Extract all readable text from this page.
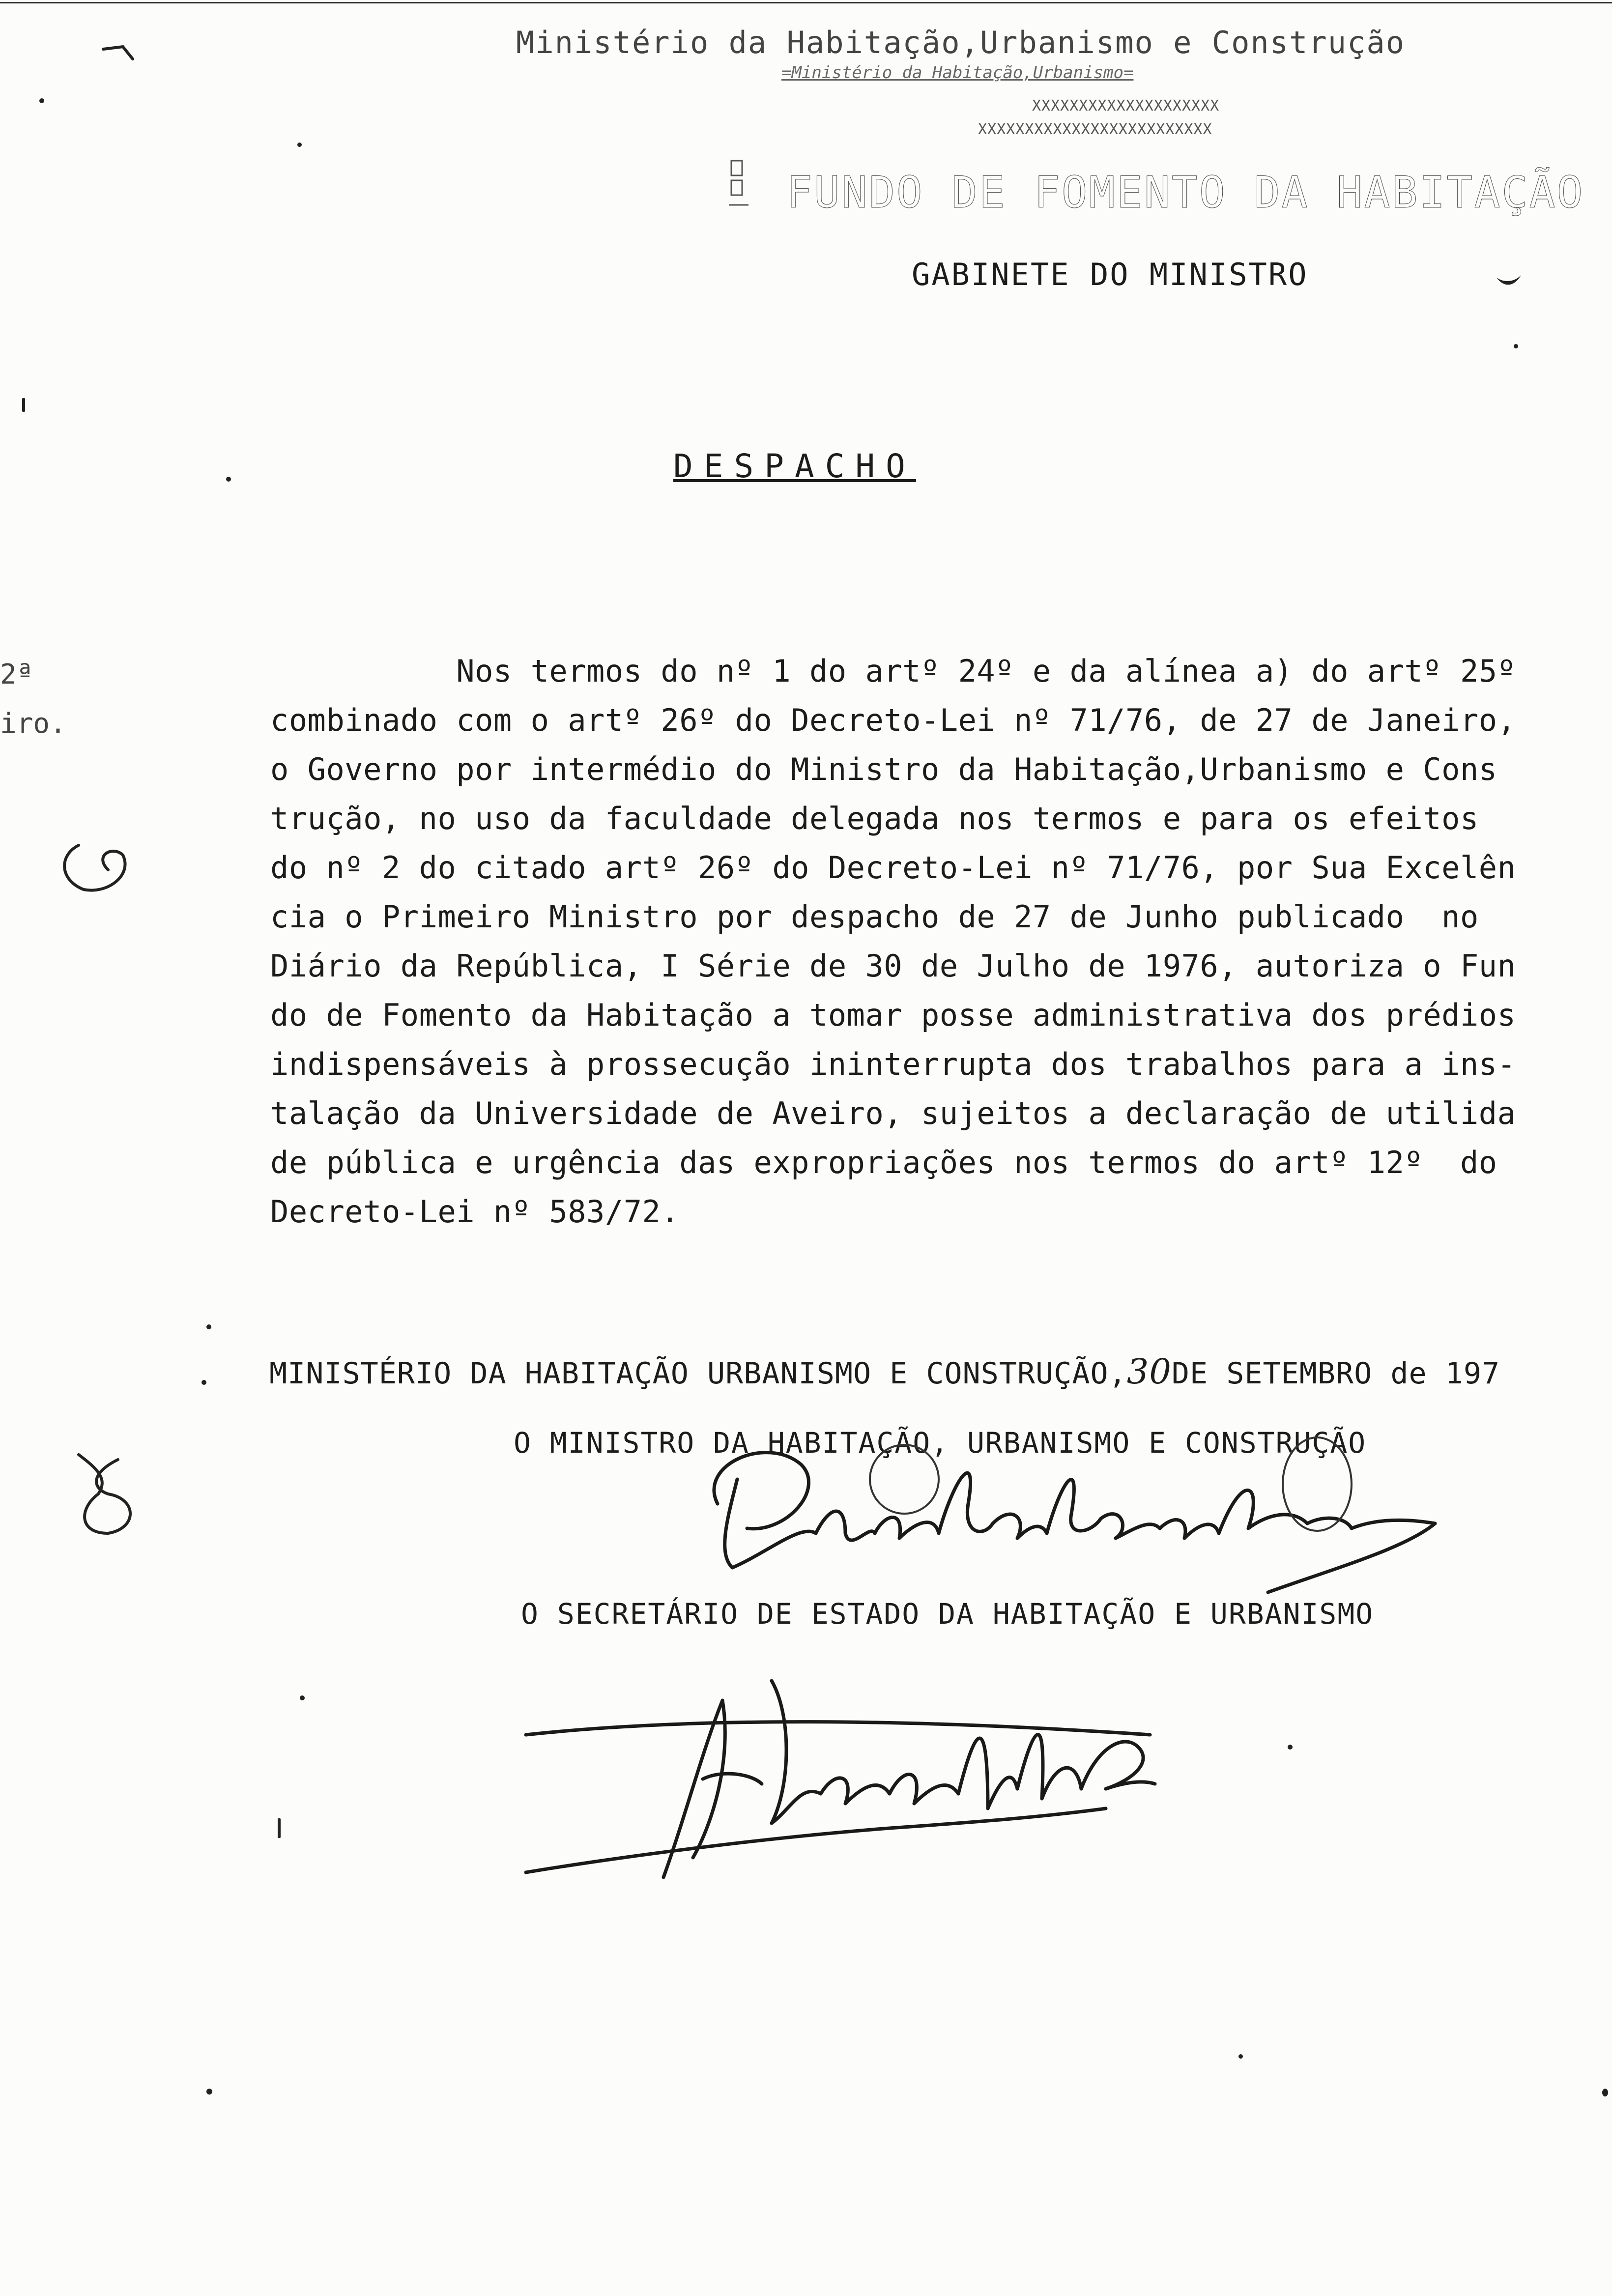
Ministério da Habitação,Urbanismo e Construção
=Ministério da Habitação,Urbanismo=
XXXXXXXXXXXXXXXXXXXX
XXXXXXXXXXXXXXXXXXXXXXXXX
FUNDO DE FOMENTO DA HABITAÇÃO
GABINETE DO MINISTRO
DESPACHO
2ª
iro.
Nos termos do nº 1 do artº 24º e da alínea a) do artº 25º
combinado com o artº 26º do Decreto-Lei nº 71/76, de 27 de Janeiro,
o Governo por intermédio do Ministro da Habitação,Urbanismo e Cons
trução, no uso da faculdade delegada nos termos e para os efeitos
do nº 2 do citado artº 26º do Decreto-Lei nº 71/76, por Sua Excelên
cia o Primeiro Ministro por despacho de 27 de Junho publicado  no
Diário da República, I Série de 30 de Julho de 1976, autoriza o Fun
do de Fomento da Habitação a tomar posse administrativa dos prédios
indispensáveis à prossecução ininterrupta dos trabalhos para a ins-
talação da Universidade de Aveiro, sujeitos a declaração de utilida
de pública e urgência das expropriações nos termos do artº 12º  do
Decreto-Lei nº 583/72.
MINISTÉRIO DA HABITAÇÃO URBANISMO E CONSTRUÇÃO,30DE SETEMBRO de 197
O MINISTRO DA HABITAÇÃO, URBANISMO E CONSTRUÇÃO
O SECRETÁRIO DE ESTADO DA HABITAÇÃO E URBANISMO
